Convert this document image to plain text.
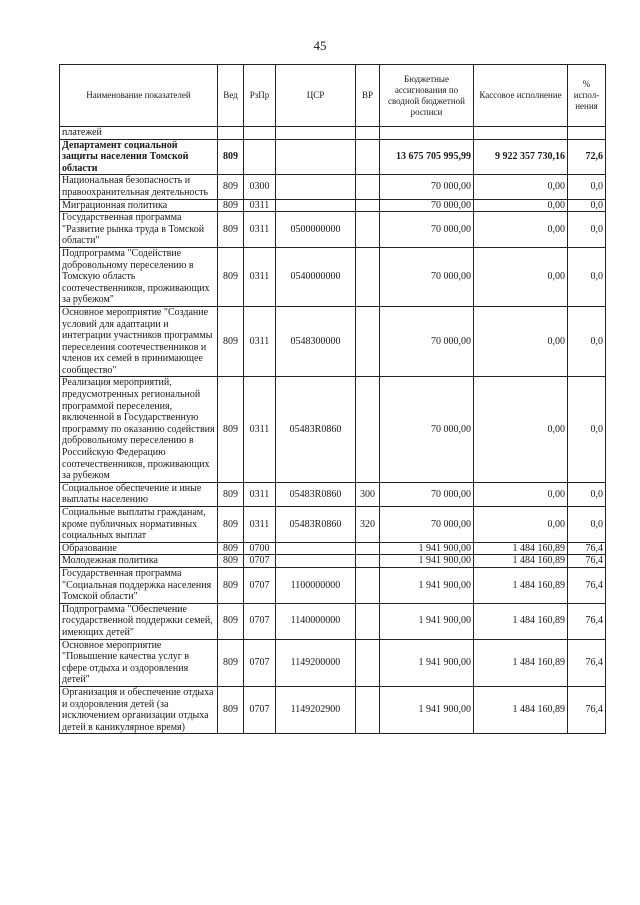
45
Наименование показателей	Вед	РзПр	ЦСР	ВР	Бюджетные ассигнования по сводной бюджетной росписи	Кассовое исполнение	% испол-нения
платежей							
Департамент социальной защиты населения Томской области	809				13 675 705 995,99	9 922 357 730,16	72,6
Национальная безопасность и правоохранительная деятельность	809	0300			70 000,00	0,00	0,0
Миграционная политика	809	0311			70 000,00	0,00	0,0
Государственная программа "Развитие рынка труда в Томской области"	809	0311	0500000000		70 000,00	0,00	0,0
Подпрограмма "Содействие добровольному переселению в Томскую область соотечественников, проживающих за рубежом"	809	0311	0540000000		70 000,00	0,00	0,0
Основное мероприятие "Создание условий для адаптации и интеграции участников программы переселения соотечественников и членов их семей в принимающее сообщество"	809	0311	0548300000		70 000,00	0,00	0,0
Реализация мероприятий, предусмотренных региональной программой переселения, включенной в Государственную программу по оказанию содействия добровольному переселению в Российскую Федерацию соотечественников, проживающих за рубежом	809	0311	05483R0860		70 000,00	0,00	0,0
Социальное обеспечение и иные выплаты населению	809	0311	05483R0860	300	70 000,00	0,00	0,0
Социальные выплаты гражданам, кроме публичных нормативных социальных выплат	809	0311	05483R0860	320	70 000,00	0,00	0,0
Образование	809	0700			1 941 900,00	1 484 160,89	76,4
Молодежная политика	809	0707			1 941 900,00	1 484 160,89	76,4
Государственная программа "Социальная поддержка населения Томской области"	809	0707	1100000000		1 941 900,00	1 484 160,89	76,4
Подпрограмма "Обеспечение государственной поддержки семей, имеющих детей"	809	0707	1140000000		1 941 900,00	1 484 160,89	76,4
Основное мероприятие "Повышение качества услуг в сфере отдыха и оздоровления детей"	809	0707	1149200000		1 941 900,00	1 484 160,89	76,4
Организация и обеспечение отдыха и оздоровления детей (за исключением организации отдыха детей в каникулярное время)	809	0707	1149202900		1 941 900,00	1 484 160,89	76,4
